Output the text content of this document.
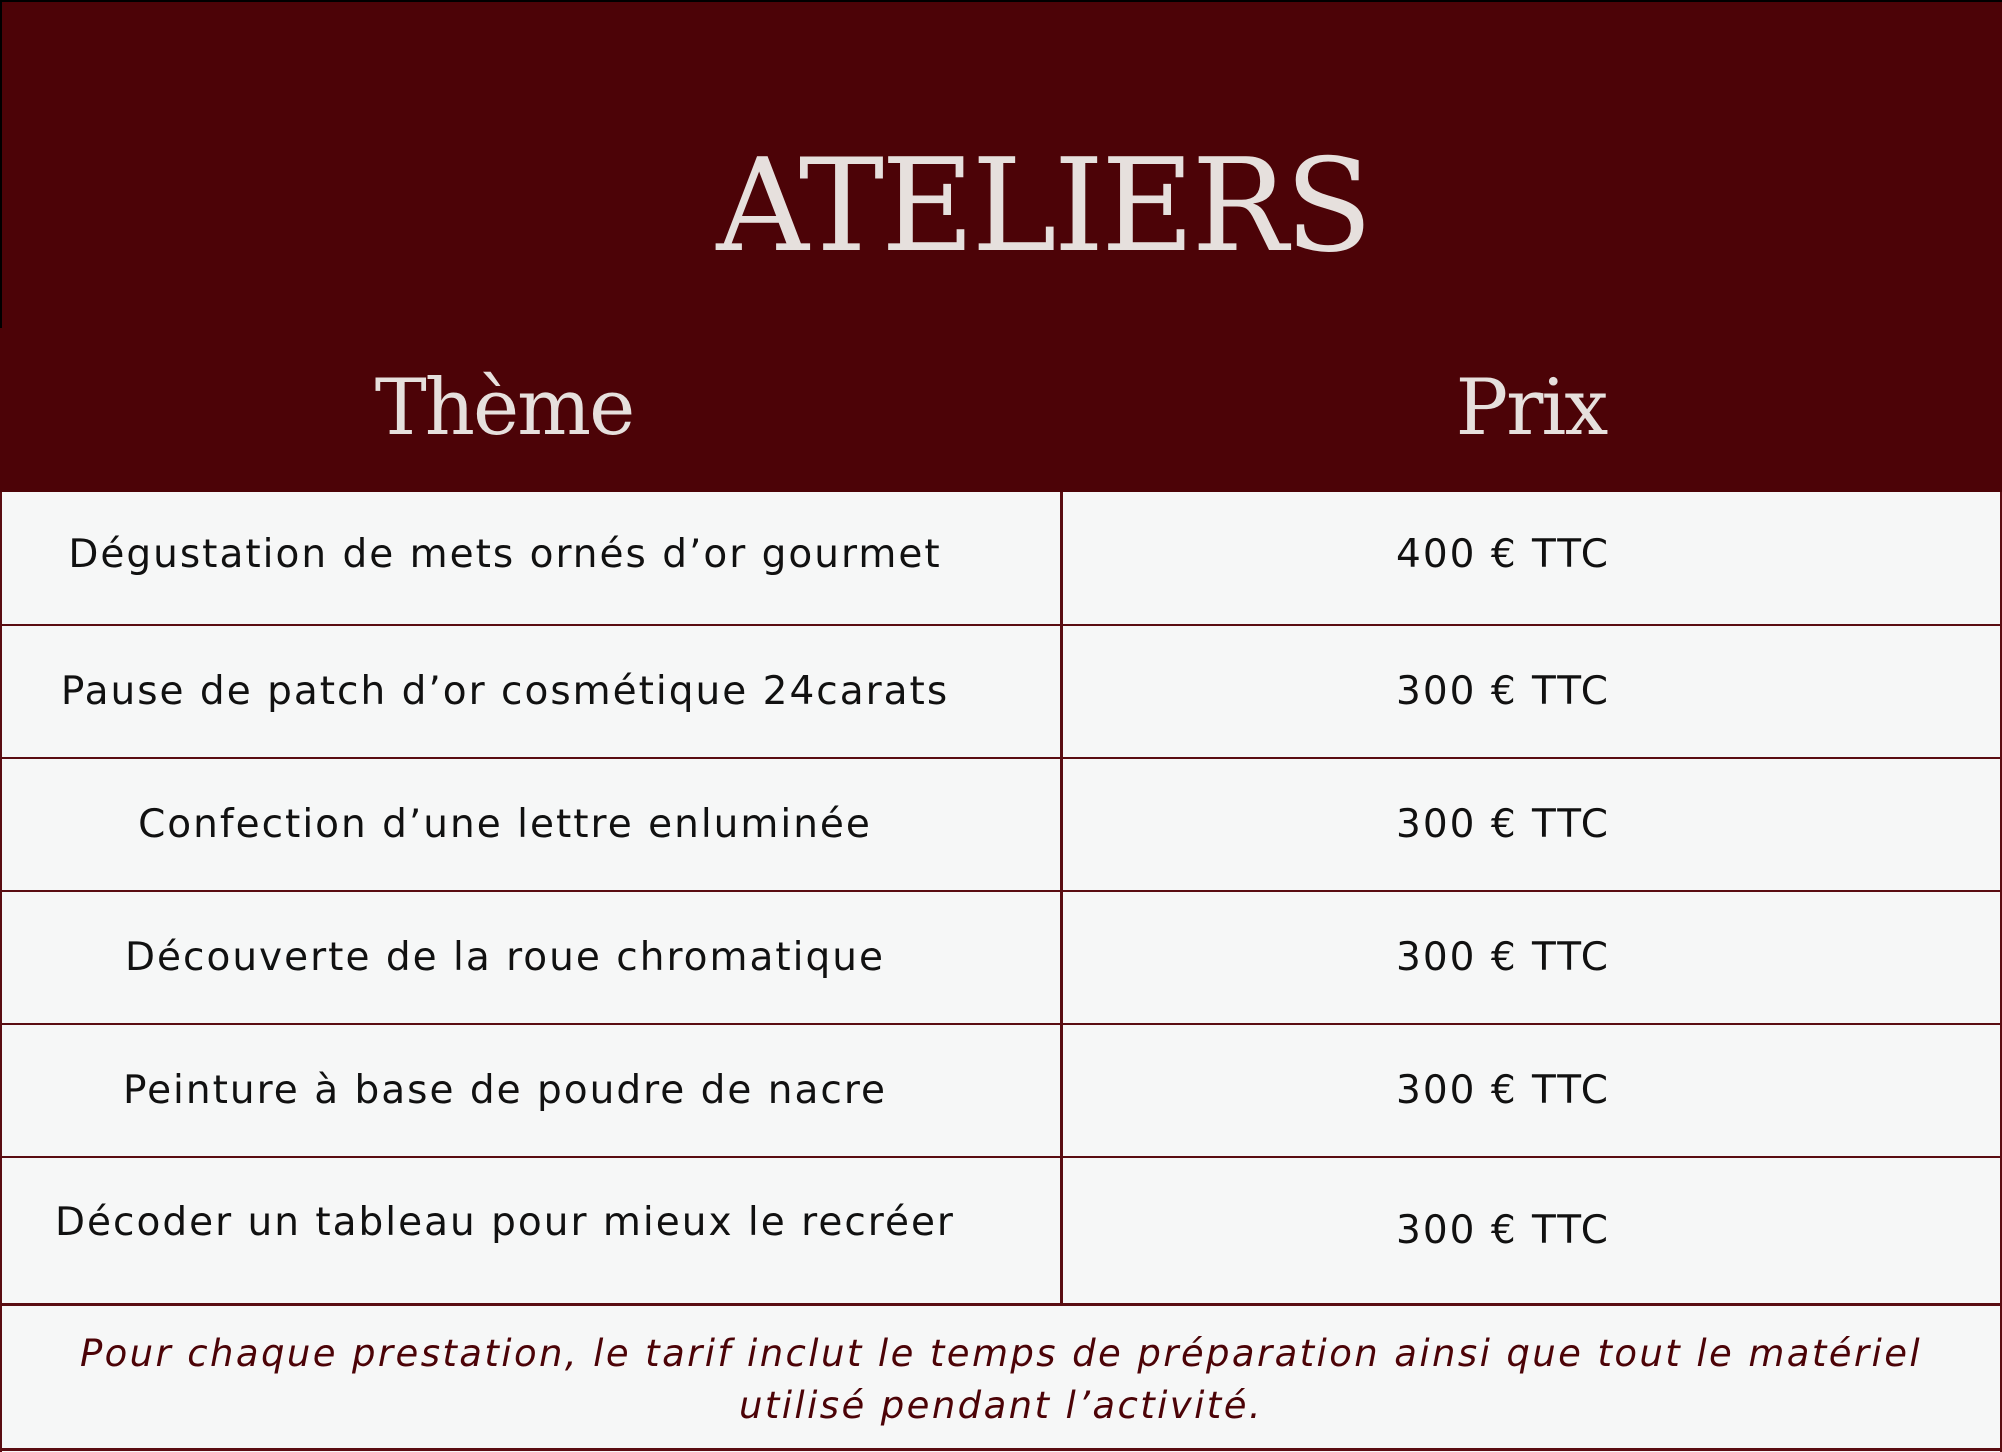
ATELIERS
Thème	Prix
Dégustation de mets ornés d’or gourmet	400 € TTC
Pause de patch d’or cosmétique 24carats	300 € TTC
Confection d’une lettre enluminée	300 € TTC
Découverte de la roue chromatique	300 € TTC
Peinture à base de poudre de nacre	300 € TTC
Décoder un tableau pour mieux le recréer	300 € TTC
Pour chaque prestation, le tarif inclut le temps de préparation ainsi que tout le matériel utilisé pendant l’activité.
